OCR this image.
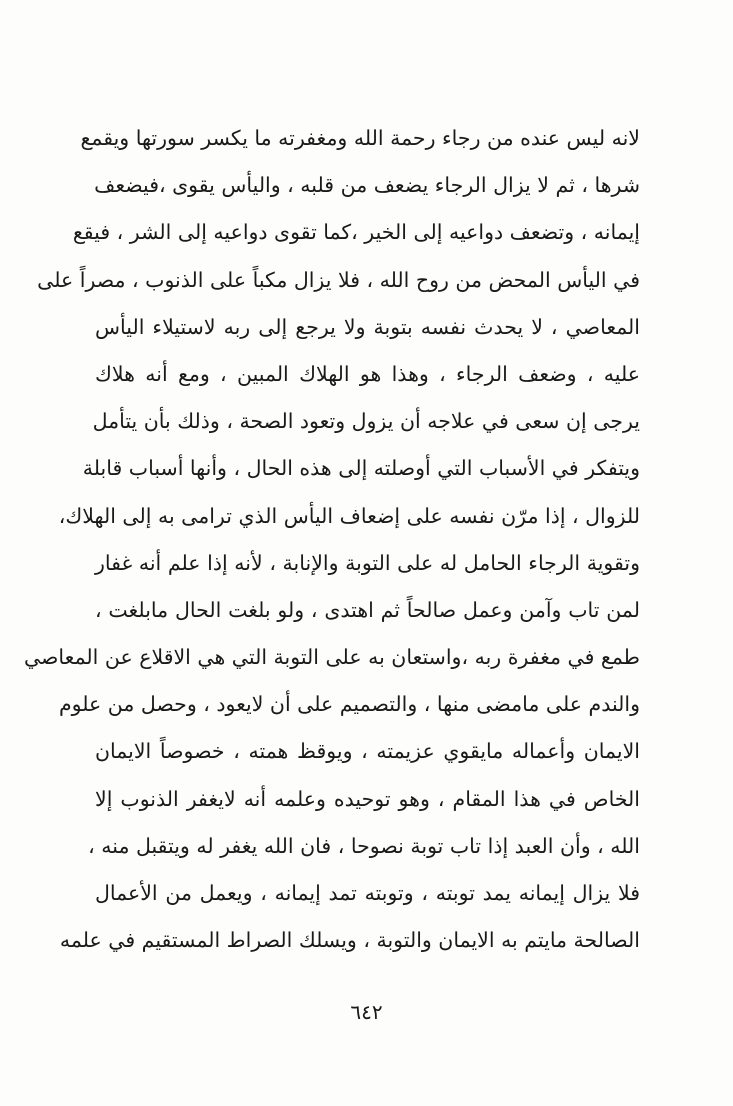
لانه ليس عنده من رجاء رحمة الله ومغفرته ما يكسر سورتها ويقمع
شرها ، ثم لا يزال الرجاء يضعف من قلبه ، واليأس يقوى ،فيضعف
إيمانه ، وتضعف دواعيه إلى الخير ،كما تقوى دواعيه إلى الشر ، فيقع
في اليأس المحض من روح الله ، فلا يزال مكباً على الذنوب ، مصراً على
المعاصي ، لا يحدث نفسه بتوبة ولا يرجع إلى ربه لاستيلاء اليأس
عليه ، وضعف الرجاء ، وهذا هو الهلاك المبين ، ومع أنه هلاك
يرجى إن سعى في علاجه أن يزول وتعود الصحة ، وذلك بأن يتأمل
ويتفكر في الأسباب التي أوصلته إلى هذه الحال ، وأنها أسباب قابلة
للزوال ، إذا مرّن نفسه على إضعاف اليأس الذي ترامى به إلى الهلاك،
وتقوية الرجاء الحامل له على التوبة والإنابة ، لأنه إذا علم أنه غفار
لمن تاب وآمن وعمل صالحاً ثم اهتدى ، ولو بلغت الحال مابلغت ،
طمع في مغفرة ربه ،واستعان به على التوبة التي هي الاقلاع عن المعاصي
والندم على مامضى منها ، والتصميم على أن لايعود ، وحصل من علوم
الايمان وأعماله مايقوي عزيمته ، ويوقظ همته ، خصوصاً الايمان
الخاص في هذا المقام ، وهو توحيده وعلمه أنه لايغفر الذنوب إلا
الله ، وأن العبد إذا تاب توبة نصوحا ، فان الله يغفر له ويتقبل منه ،
فلا يزال إيمانه يمد توبته ، وتوبته تمد إيمانه ، ويعمل من الأعمال
الصالحة مايتم به الايمان والتوبة ، ويسلك الصراط المستقيم في علمه
٦٤٢
